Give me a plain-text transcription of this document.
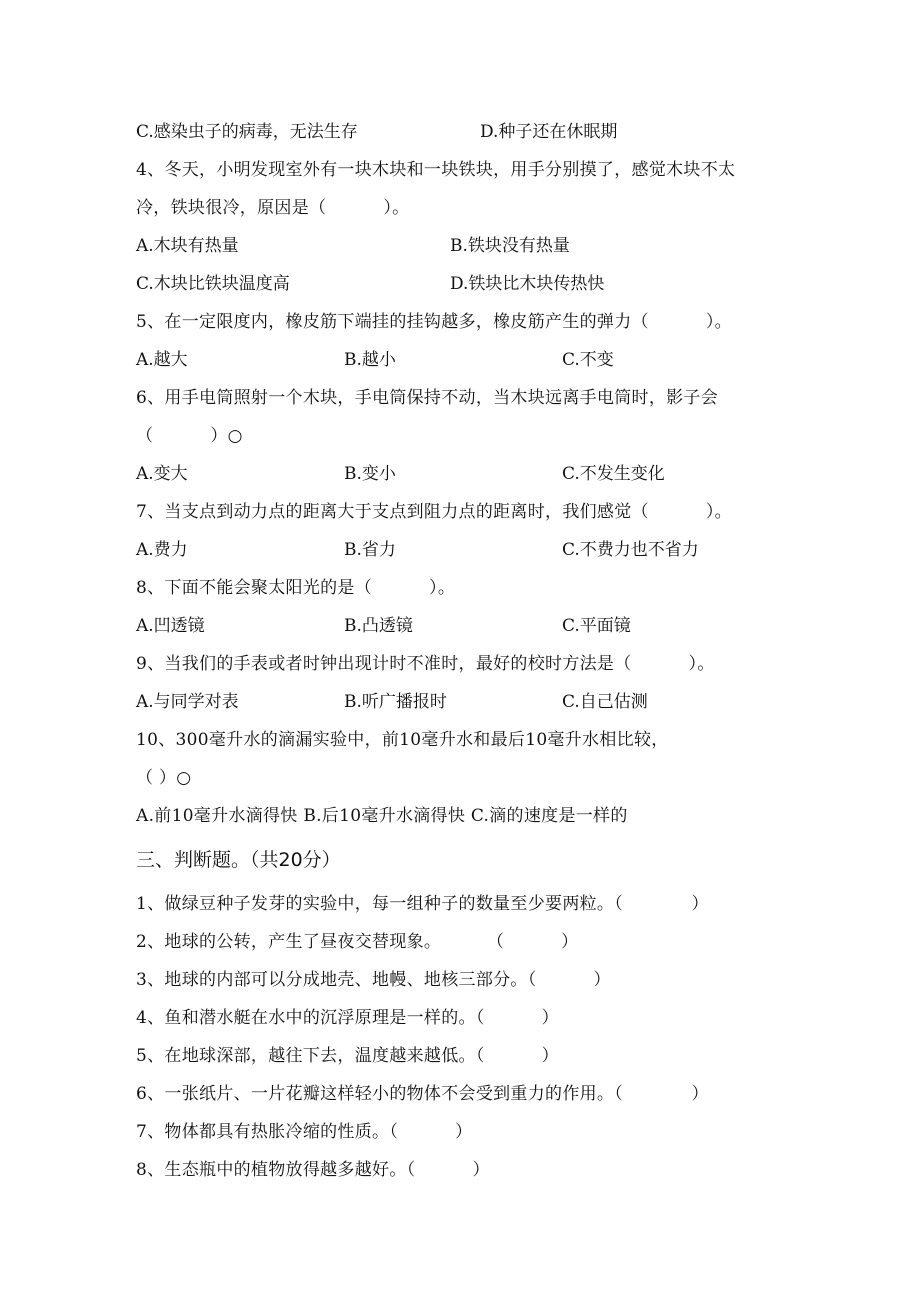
C.感染虫子的病毒，无法生存	D.种子还在休眠期
4、冬天，小明发现室外有一块木块和一块铁块，用手分别摸了，感觉木块不太
冷，铁块很冷，原因是（          ）。
A.木块有热量	B.铁块没有热量
C.木块比铁块温度高	D.铁块比木块传热快
5、在一定限度内，橡皮筋下端挂的挂钩越多，橡皮筋产生的弹力（          ）。
A.越大	B.越小	C.不变
6、用手电筒照射一个木块，手电筒保持不动，当木块远离手电筒时，影子会
（          ）○
A.变大	B.变小	C.不发生变化
7、当支点到动力点的距离大于支点到阻力点的距离时，我们感觉（          ）。
A.费力	B.省力	C.不费力也不省力
8、下面不能会聚太阳光的是（          ）。
A.凹透镜	B.凸透镜	C.平面镜
9、当我们的手表或者时钟出现计时不准时，最好的校时方法是（          ）。
A.与同学对表	B.听广播报时	C.自己估测
10、300毫升水的滴漏实验中，前10毫升水和最后10毫升水相比较，
（ ）○
A.前10毫升水滴得快 B.后10毫升水滴得快 C.滴的速度是一样的
三、判断题。（共20分）
1、做绿豆种子发芽的实验中，每一组种子的数量至少要两粒。（            ）
2、地球的公转，产生了昼夜交替现象。        （          ）
3、地球的内部可以分成地壳、地幔、地核三部分。（          ）
4、鱼和潜水艇在水中的沉浮原理是一样的。（          ）
5、在地球深部，越往下去，温度越来越低。（          ）
6、一张纸片、一片花瓣这样轻小的物体不会受到重力的作用。（            ）
7、物体都具有热胀冷缩的性质。（          ）
8、生态瓶中的植物放得越多越好。（          ）
